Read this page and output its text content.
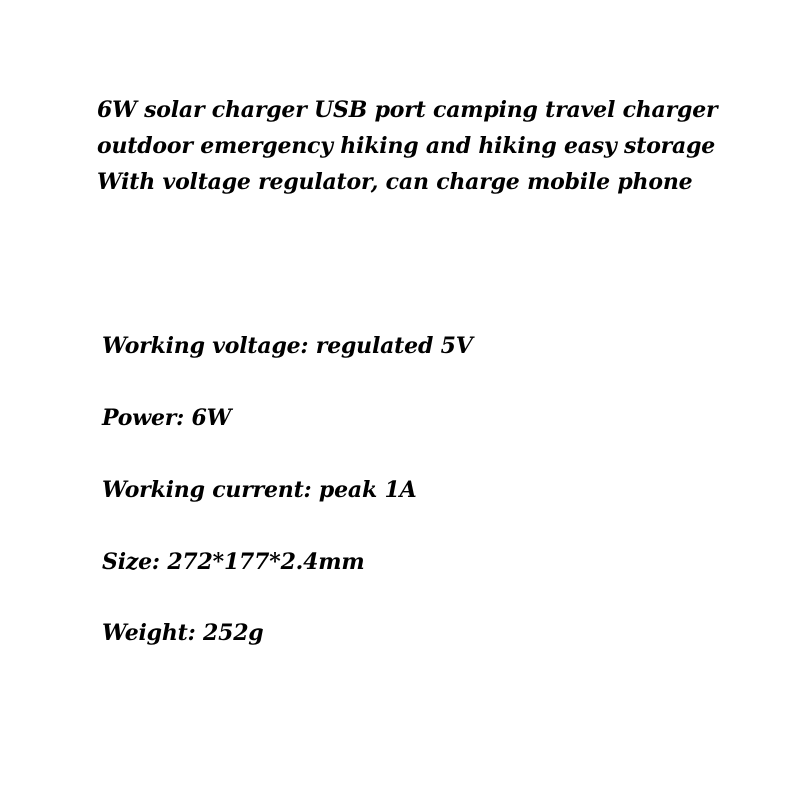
6W solar charger USB port camping travel charger
outdoor emergency hiking and hiking easy storage
With voltage regulator, can charge mobile phone
Working voltage: regulated 5V
Power: 6W
Working current: peak 1A
Size: 272*177*2.4mm
Weight: 252g
